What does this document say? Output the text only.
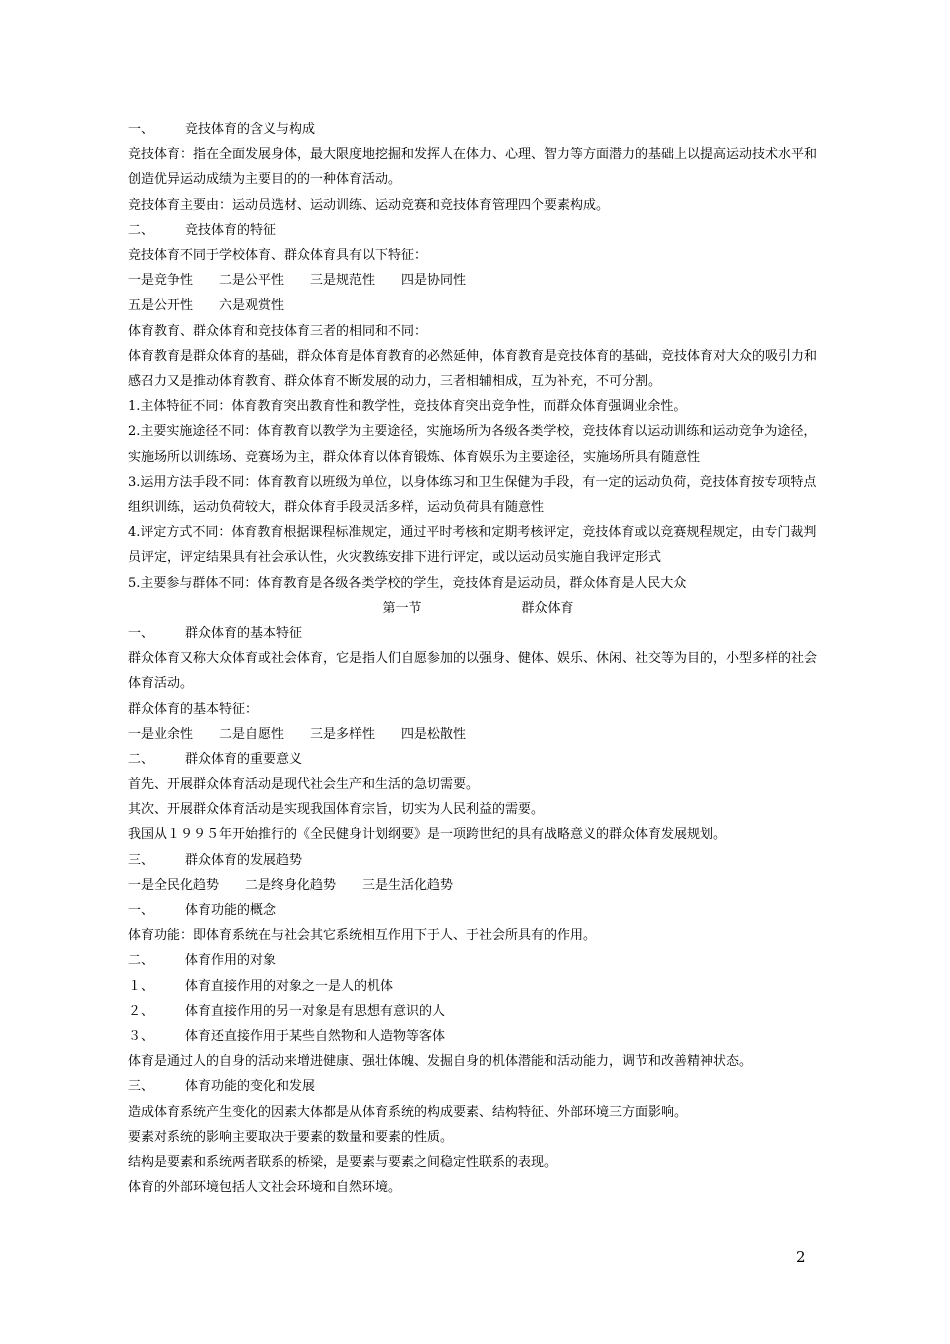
一、 竞技体育的含义与构成
竞技体育：指在全面发展身体，最大限度地挖掘和发挥人在体力、心理、智力等方面潜力的基础上以提高运动技术水平和创造优异运动成绩为主要目的的一种体育活动。
竞技体育主要由：运动员选材、运动训练、运动竞赛和竞技体育管理四个要素构成。
二、 竞技体育的特征
竞技体育不同于学校体育、群众体育具有以下特征：
一是竞争性 二是公平性 三是规范性 四是协同性
五是公开性 六是观赏性
体育教育、群众体育和竞技体育三者的相同和不同：
体育教育是群众体育的基础，群众体育是体育教育的必然延伸，体育教育是竞技体育的基础，竞技体育对大众的吸引力和感召力又是推动体育教育、群众体育不断发展的动力，三者相辅相成，互为补充，不可分割。
1.主体特征不同：体育教育突出教育性和教学性，竞技体育突出竞争性，而群众体育强调业余性。
2.主要实施途径不同：体育教育以教学为主要途径，实施场所为各级各类学校，竞技体育以运动训练和运动竞争为途径，实施场所以训练场、竞赛场为主，群众体育以体育锻炼、体育娱乐为主要途径，实施场所具有随意性
3.运用方法手段不同：体育教育以班级为单位，以身体练习和卫生保健为手段，有一定的运动负荷，竞技体育按专项特点组织训练，运动负荷较大，群众体育手段灵活多样，运动负荷具有随意性
4.评定方式不同：体育教育根据课程标准规定，通过平时考核和定期考核评定，竞技体育或以竞赛规程规定，由专门裁判员评定，评定结果具有社会承认性，火灾教练安排下进行评定，或以运动员实施自我评定形式
5.主要参与群体不同：体育教育是各级各类学校的学生，竞技体育是运动员，群众体育是人民大众
第一节	群众体育
一、 群众体育的基本特征
群众体育又称大众体育或社会体育，它是指人们自愿参加的以强身、健体、娱乐、休闲、社交等为目的，小型多样的社会体育活动。
群众体育的基本特征：
一是业余性 二是自愿性 三是多样性 四是松散性
二、 群众体育的重要意义
首先、开展群众体育活动是现代社会生产和生活的急切需要。
其次、开展群众体育活动是实现我国体育宗旨，切实为人民利益的需要。
我国从１９９５年开始推行的《全民健身计划纲要》是一项跨世纪的具有战略意义的群众体育发展规划。
三、 群众体育的发展趋势
一是全民化趋势 二是终身化趋势 三是生活化趋势
一、 体育功能的概念
体育功能：即体育系统在与社会其它系统相互作用下于人、于社会所具有的作用。
二、 体育作用的对象
１、 体育直接作用的对象之一是人的机体
２、 体育直接作用的另一对象是有思想有意识的人
３、 体育还直接作用于某些自然物和人造物等客体
体育是通过人的自身的活动来增进健康、强壮体魄、发掘自身的机体潜能和活动能力，调节和改善精神状态。
三、 体育功能的变化和发展
造成体育系统产生变化的因素大体都是从体育系统的构成要素、结构特征、外部环境三方面影响。
要素对系统的影响主要取决于要素的数量和要素的性质。
结构是要素和系统两者联系的桥梁，是要素与要素之间稳定性联系的表现。
体育的外部环境包括人文社会环境和自然环境。
2
